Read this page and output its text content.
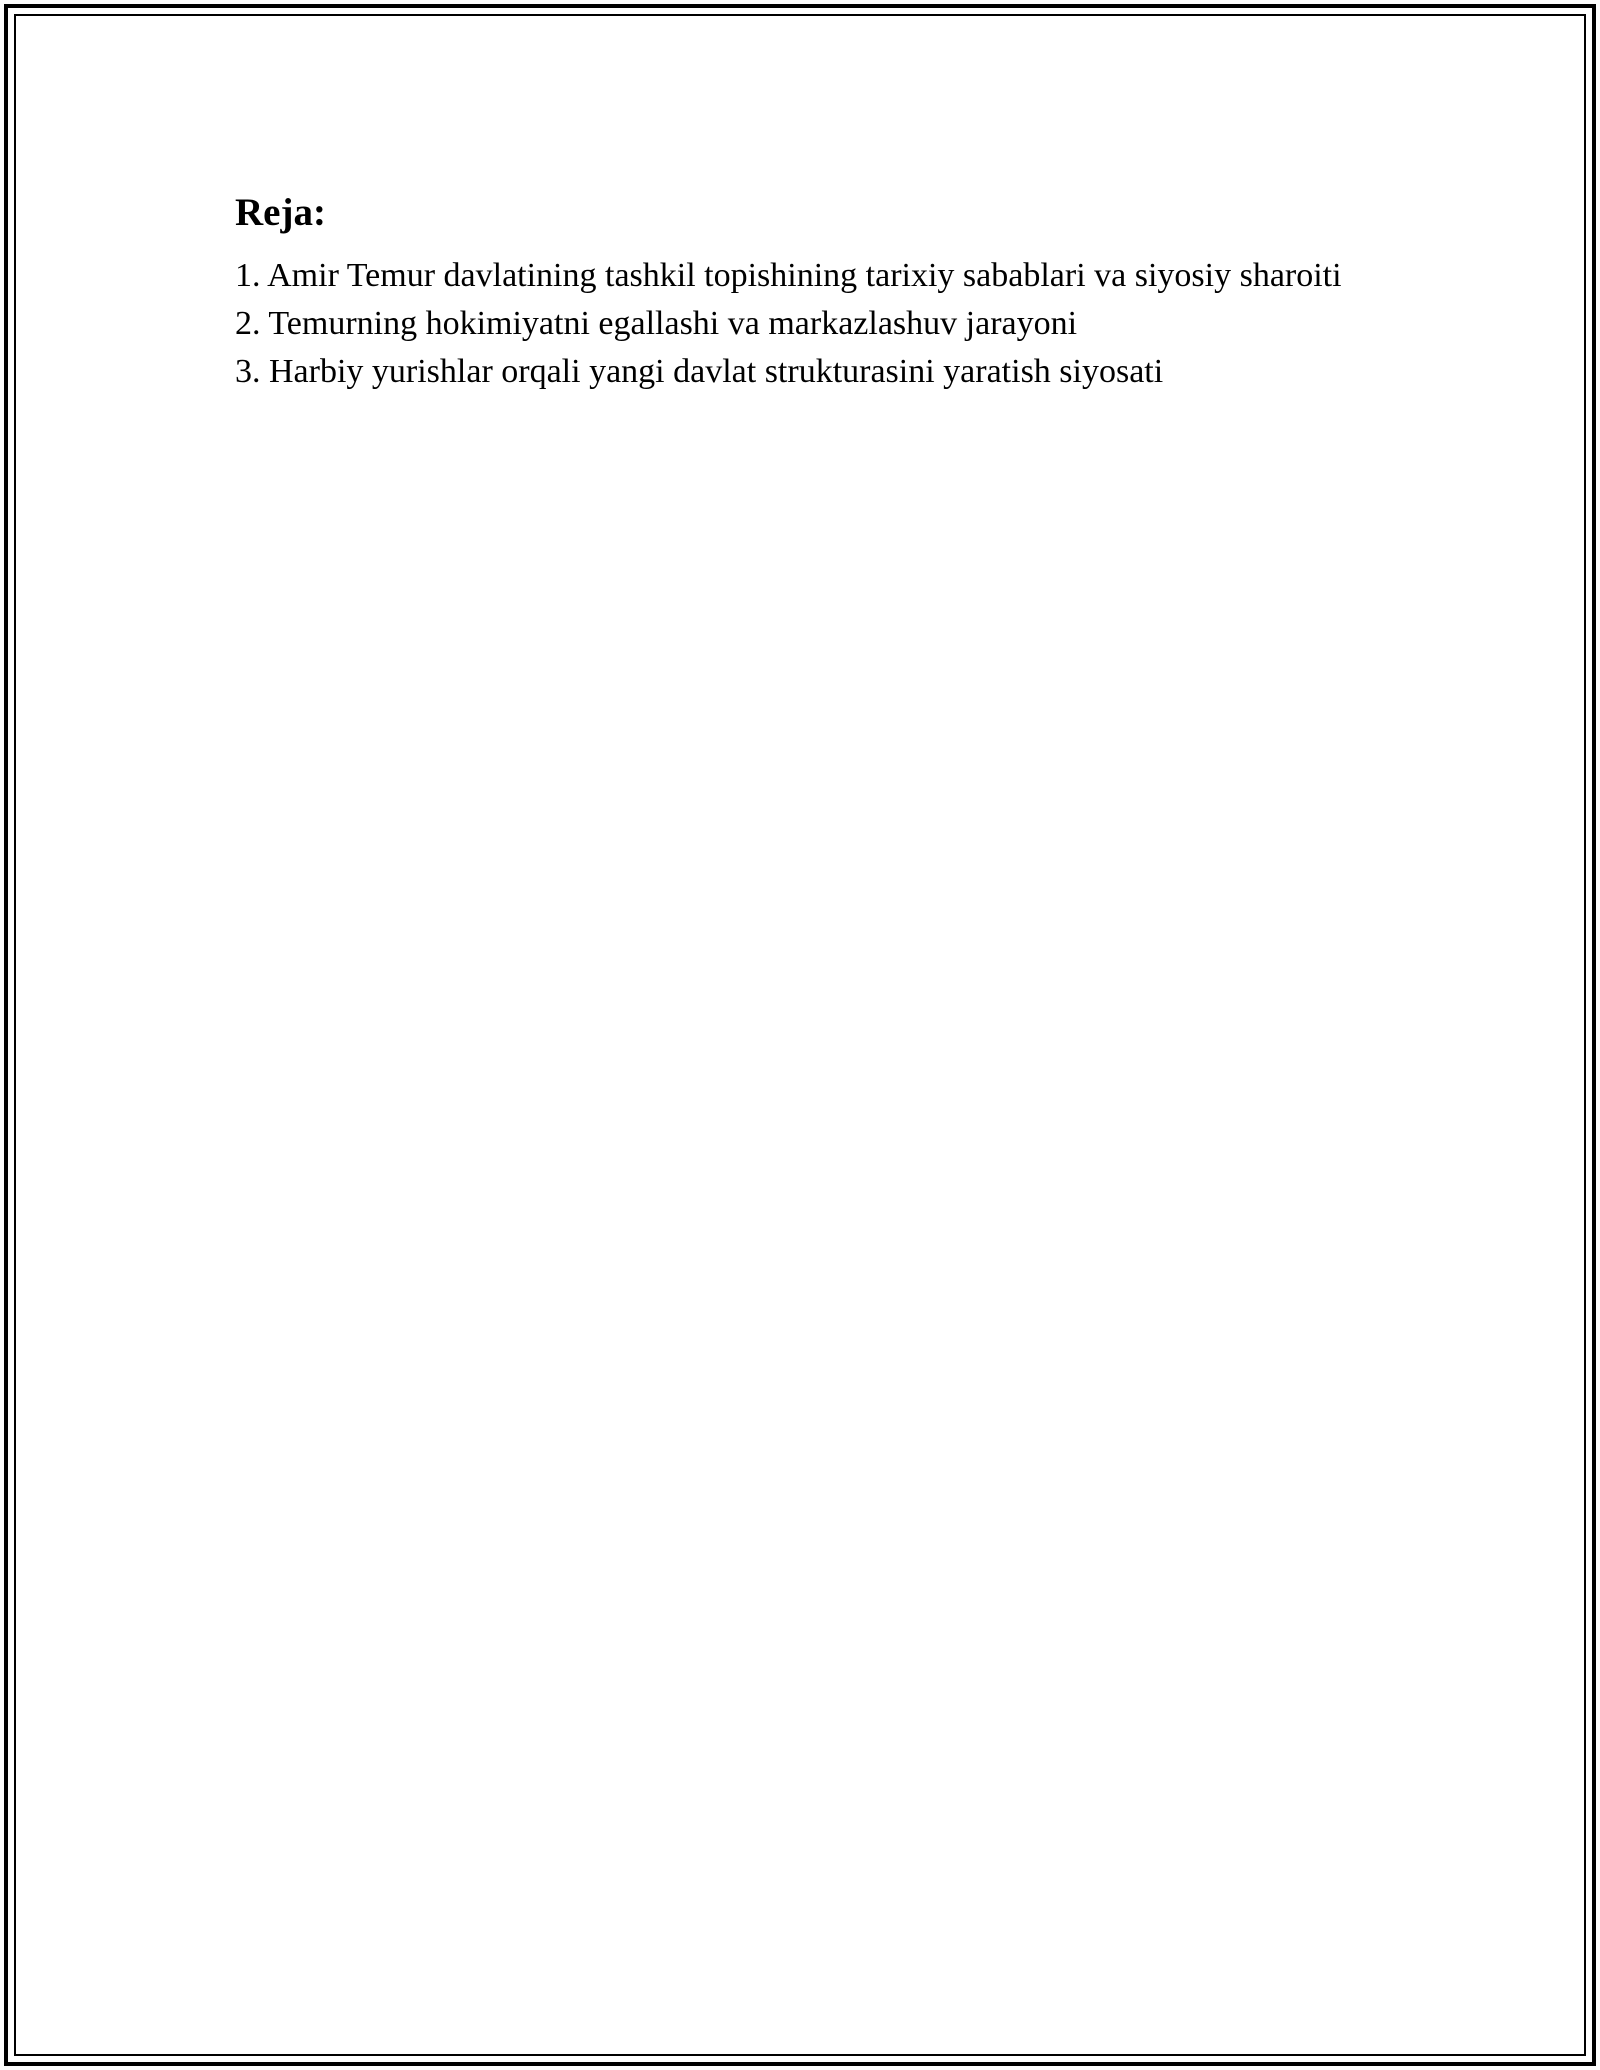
Reja:
1. Amir Temur davlatining tashkil topishining tarixiy sabablari va siyosiy sharoiti
2. Temurning hokimiyatni egallashi va markazlashuv jarayoni
3. Harbiy yurishlar orqali yangi davlat strukturasini yaratish siyosati
